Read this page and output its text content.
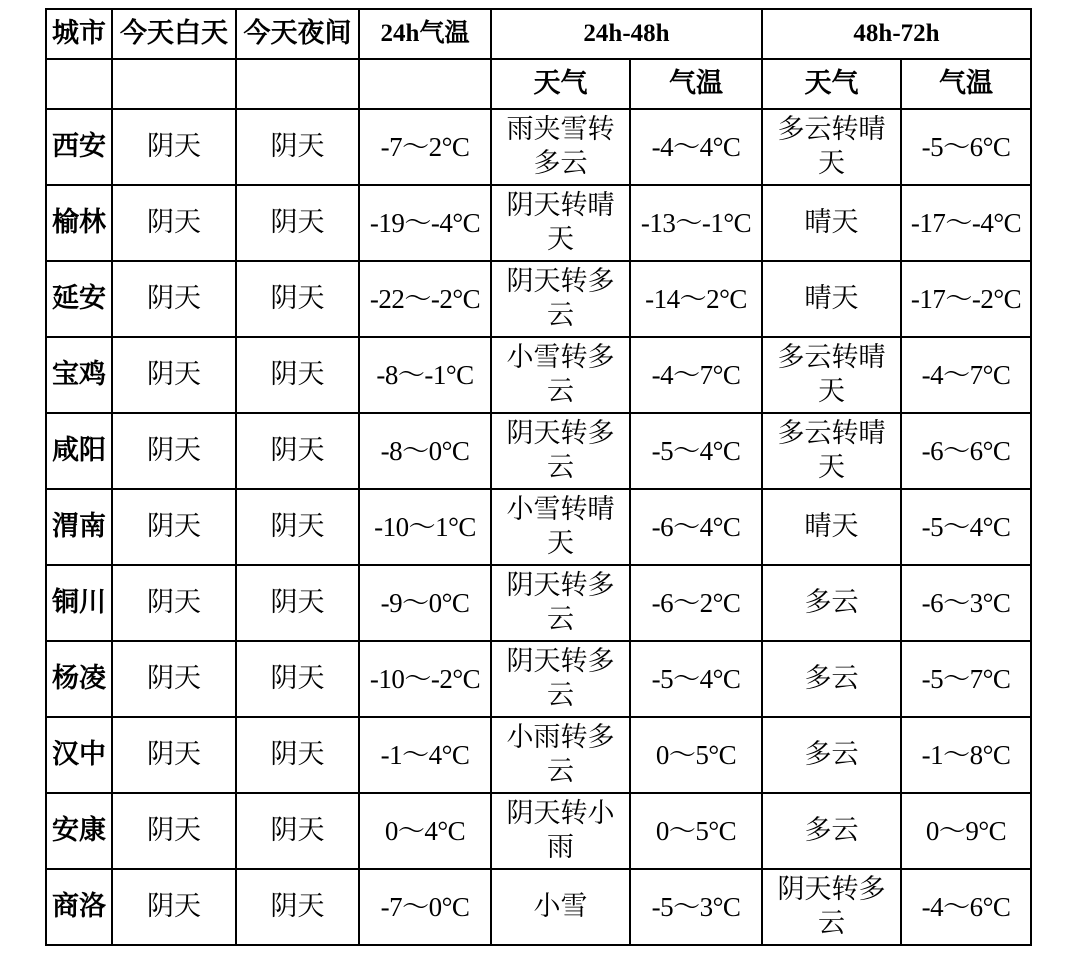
城市	今天白天	今天夜间	24h气温	24h-48h		48h-72h	
				天气	气温	天气	气温
西安	阴天	阴天	-7～2°C	雨夹雪转多云	-4～4°C	多云转晴天	-5～6°C
榆林	阴天	阴天	-19～-4°C	阴天转晴天	-13～-1°C	晴天	-17～-4°C
延安	阴天	阴天	-22～-2°C	阴天转多云	-14～2°C	晴天	-17～-2°C
宝鸡	阴天	阴天	-8～-1°C	小雪转多云	-4～7°C	多云转晴天	-4～7°C
咸阳	阴天	阴天	-8～0°C	阴天转多云	-5～4°C	多云转晴天	-6～6°C
渭南	阴天	阴天	-10～1°C	小雪转晴天	-6～4°C	晴天	-5～4°C
铜川	阴天	阴天	-9～0°C	阴天转多云	-6～2°C	多云	-6～3°C
杨凌	阴天	阴天	-10～-2°C	阴天转多云	-5～4°C	多云	-5～7°C
汉中	阴天	阴天	-1～4°C	小雨转多云	0～5°C	多云	-1～8°C
安康	阴天	阴天	0～4°C	阴天转小雨	0～5°C	多云	0～9°C
商洛	阴天	阴天	-7～0°C	小雪	-5～3°C	阴天转多云	-4～6°C
